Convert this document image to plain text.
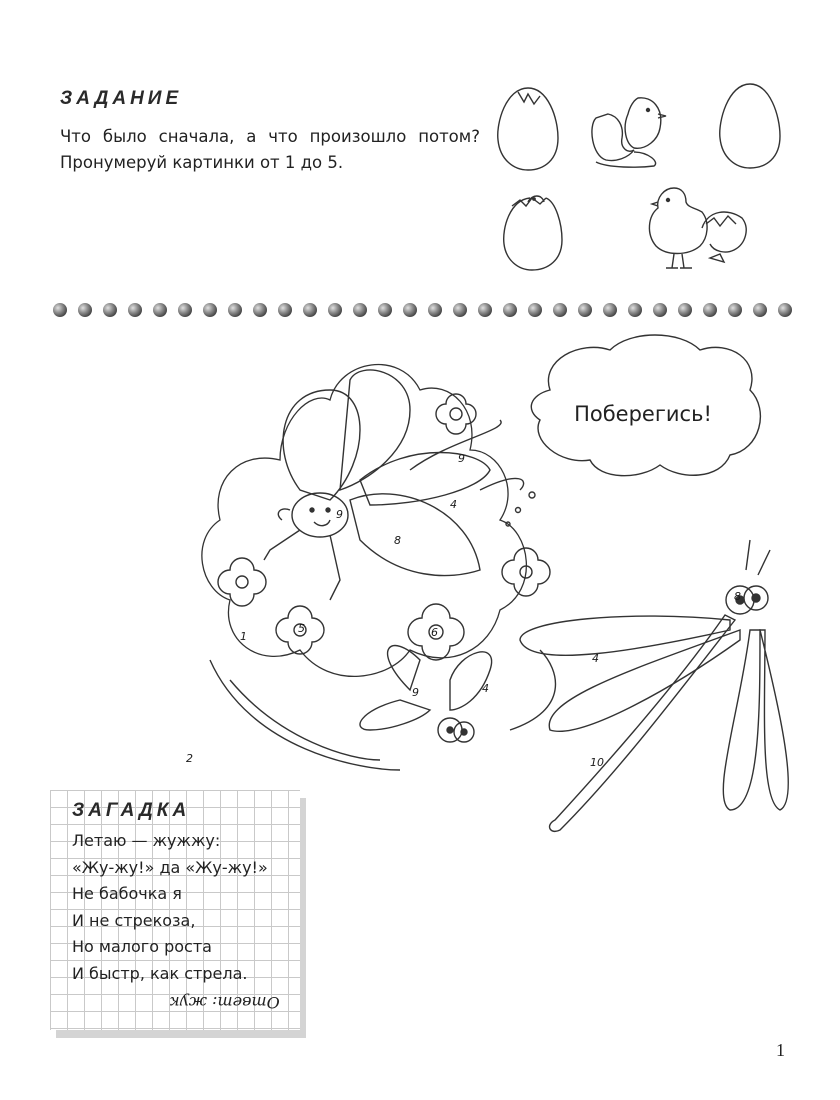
ЗАДАНИЕ

Что было сначала, а что произошло потом? Пронумеруй картинки от 1 до 5.

Поберегись!
9
4
9
8
1
5	6
9	4
4
8
10
2
ЗАГАДКА
Летаю — жужжу:
«Жу-жу!» да «Жу-жу!»
Не бабочка я
И не стрекоза,
Но малого роста
И быстр, как стрела.
Ответ: жук
1
